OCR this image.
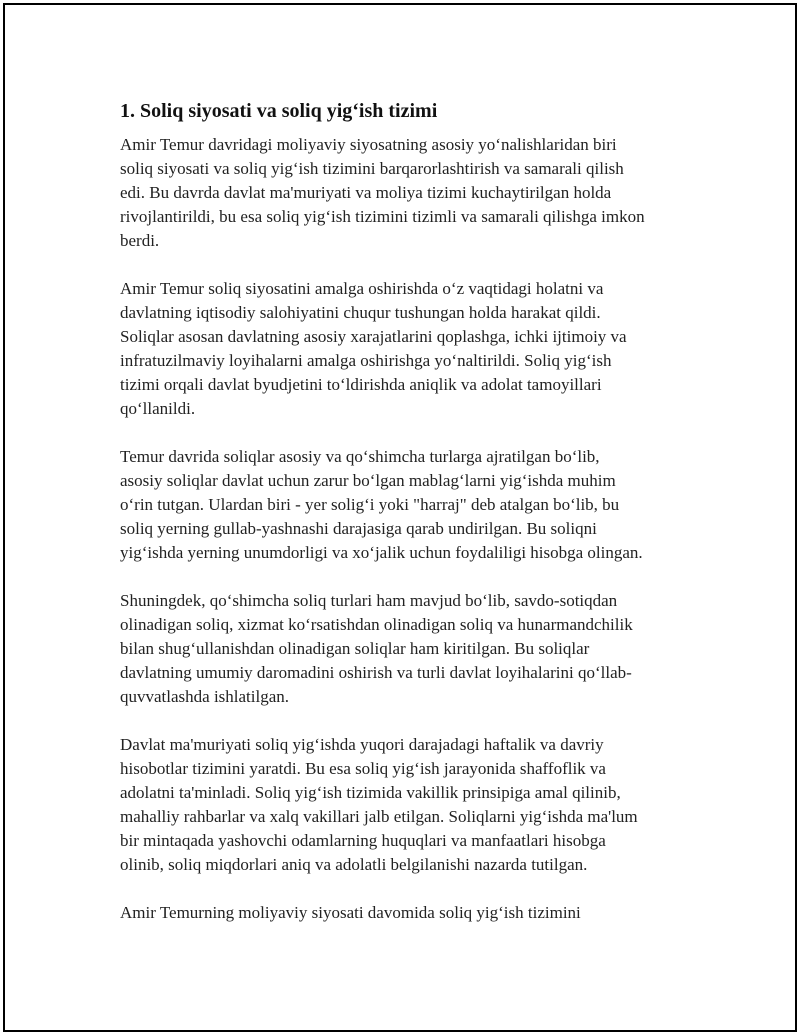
1. Soliq siyosati va soliq yig‘ish tizimi

Amir Temur davridagi moliyaviy siyosatning asosiy yo‘nalishlaridan biri
soliq siyosati va soliq yig‘ish tizimini barqarorlashtirish va samarali qilish
edi. Bu davrda davlat ma'muriyati va moliya tizimi kuchaytirilgan holda
rivojlantirildi, bu esa soliq yig‘ish tizimini tizimli va samarali qilishga imkon
berdi.

Amir Temur soliq siyosatini amalga oshirishda o‘z vaqtidagi holatni va
davlatning iqtisodiy salohiyatini chuqur tushungan holda harakat qildi.
Soliqlar asosan davlatning asosiy xarajatlarini qoplashga, ichki ijtimoiy va
infratuzilmaviy loyihalarni amalga oshirishga yo‘naltirildi. Soliq yig‘ish
tizimi orqali davlat byudjetini to‘ldirishda aniqlik va adolat tamoyillari
qo‘llanildi.

Temur davrida soliqlar asosiy va qo‘shimcha turlarga ajratilgan bo‘lib,
asosiy soliqlar davlat uchun zarur bo‘lgan mablag‘larni yig‘ishda muhim
o‘rin tutgan. Ulardan biri - yer solig‘i yoki "harraj" deb atalgan bo‘lib, bu
soliq yerning gullab-yashnashi darajasiga qarab undirilgan. Bu soliqni
yig‘ishda yerning unumdorligi va xo‘jalik uchun foydaliligi hisobga olingan.

Shuningdek, qo‘shimcha soliq turlari ham mavjud bo‘lib, savdo-sotiqdan
olinadigan soliq, xizmat ko‘rsatishdan olinadigan soliq va hunarmandchilik
bilan shug‘ullanishdan olinadigan soliqlar ham kiritilgan. Bu soliqlar
davlatning umumiy daromadini oshirish va turli davlat loyihalarini qo‘llab-
quvvatlashda ishlatilgan.

Davlat ma'muriyati soliq yig‘ishda yuqori darajadagi haftalik va davriy
hisobotlar tizimini yaratdi. Bu esa soliq yig‘ish jarayonida shaffoflik va
adolatni ta'minladi. Soliq yig‘ish tizimida vakillik prinsipiga amal qilinib,
mahalliy rahbarlar va xalq vakillari jalb etilgan. Soliqlarni yig‘ishda ma'lum
bir mintaqada yashovchi odamlarning huquqlari va manfaatlari hisobga
olinib, soliq miqdorlari aniq va adolatli belgilanishi nazarda tutilgan.

Amir Temurning moliyaviy siyosati davomida soliq yig‘ish tizimini
